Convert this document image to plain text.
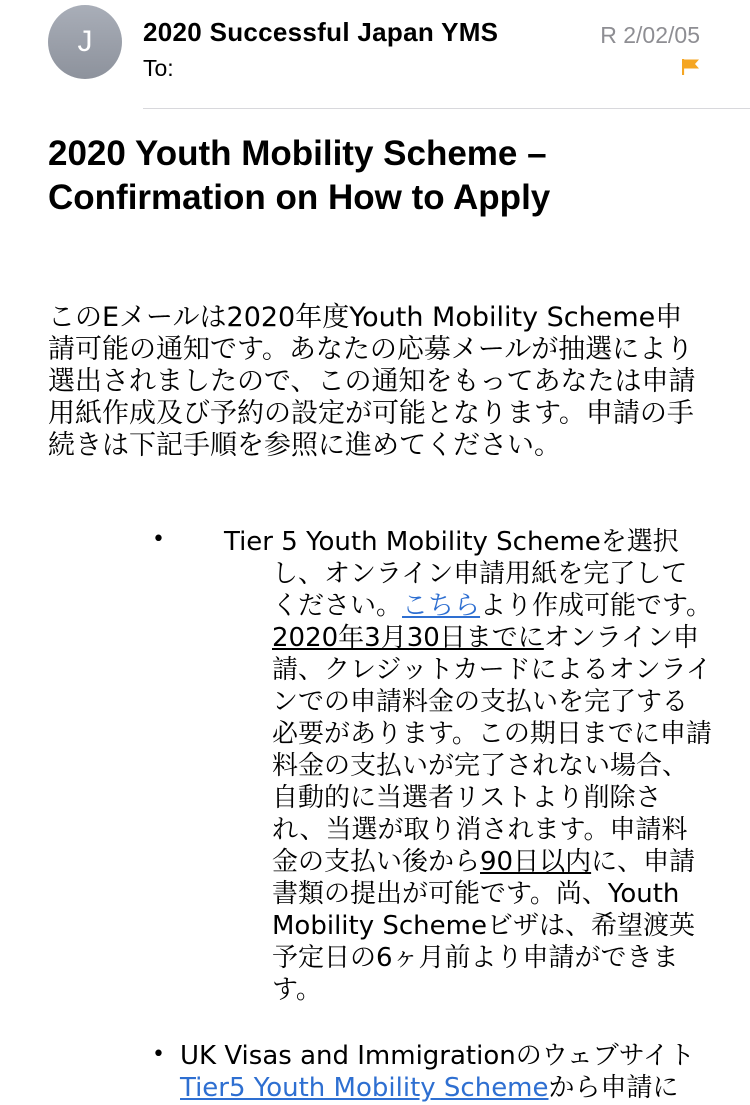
J	2020 Successful Japan YMS
To:
R 2/02/05
2020 Youth Mobility Scheme – Confirmation on How to Apply
このEメールは2020年度Youth Mobility Scheme申請可能の通知です。あなたの応募メールが抽選により選出されましたので、この通知をもってあなたは申請用紙作成及び予約の設定が可能となります。申請の手続きは下記手順を参照に進めてください。
• Tier 5 Youth Mobility Schemeを選択し、オンライン申請用紙を完了してください。こちらより作成可能です。2020年3月30日までにオンライン申請、クレジットカードによるオンラインでの申請料金の支払いを完了する必要があります。この期日までに申請料金の支払いが完了されない場合、自動的に当選者リストより削除され、当選が取り消されます。申請料金の支払い後から90日以内に、申請書類の提出が可能です。尚、Youth Mobility Schemeビザは、希望渡英予定日の6ヶ月前より申請ができます。
• UK Visas and ImmigrationのウェブサイトTier5 Youth Mobility Schemeから申請に
